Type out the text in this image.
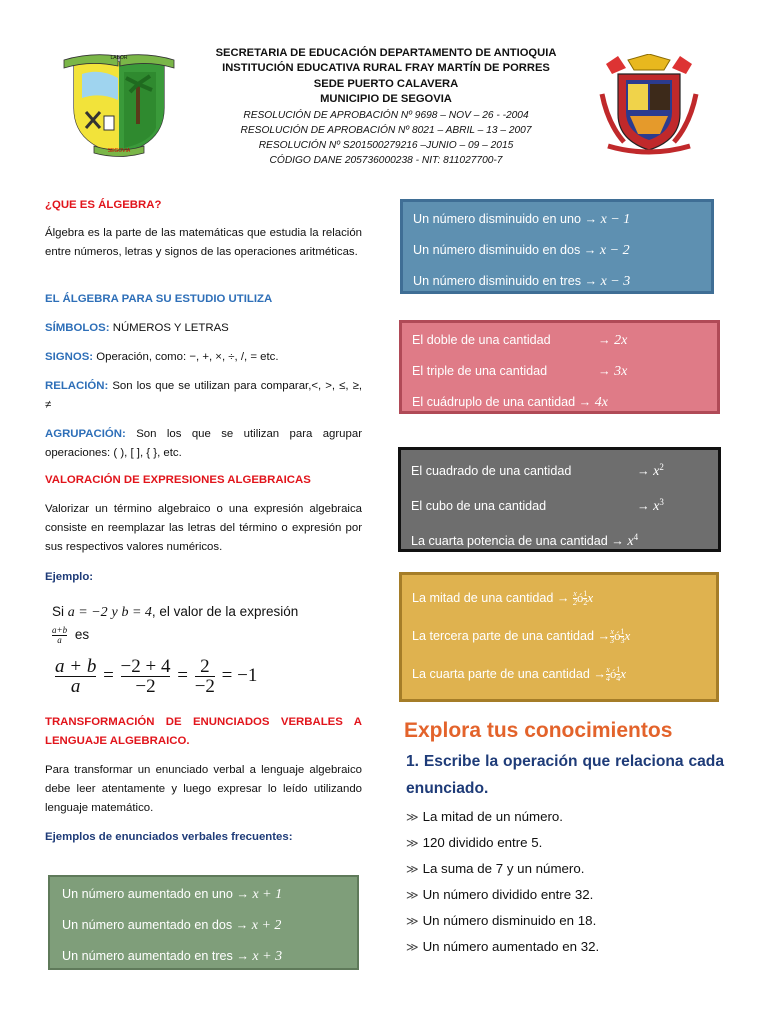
SECRETARIA DE EDUCACIÓN DEPARTAMENTO DE ANTIOQUIA
INSTITUCIÓN EDUCATIVA RURAL FRAY MARTÍN DE PORRES
SEDE PUERTO CALAVERA
MUNICIPIO DE SEGOVIA
RESOLUCIÓN DE APROBACIÓN Nº 9698 – NOV – 26 - -2004
RESOLUCIÓN DE APROBACIÓN Nº 8021 – ABRIL – 13 – 2007
RESOLUCIÓN Nº S201500279216 –JUNIO – 09 – 2015
CÓDIGO DANE 205736000238 - NIT: 811027700-7
LABOR
SEGOVIA

¿QUE ES ÁLGEBRA?

Álgebra es la parte de las matemáticas que estudia la relación entre números, letras y signos de las operaciones aritméticas.

EL ÁLGEBRA PARA SU ESTUDIO UTILIZA

SÍMBOLOS: NÚMEROS Y LETRAS

SIGNOS: Operación, como: −, +, ×, ÷, /, = etc.

RELACIÓN: Son los que se utilizan para comparar,<, >, ≤, ≥, ≠

AGRUPACIÓN: Son los que se utilizan para agrupar operaciones: ( ), [ ], { }, etc.

VALORACIÓN DE EXPRESIONES ALGEBRAICAS

Valorizar un término algebraico o una expresión algebraica consiste en reemplazar las letras del término o expresión por sus respectivos valores numéricos.

Ejemplo:

Si a = −2 y b = 4, el valor de la expresión
$\frac{a+b}{a}$ es
$\frac{a + b}{a} = \frac{-2 + 4}{-2} = \frac{2}{-2} = -1$

TRANSFORMACIÓN DE ENUNCIADOS VERBALES A LENGUAJE ALGEBRAICO.

Para transformar un enunciado verbal a lenguaje algebraico debe leer atentamente y luego expresar lo leído utilizando lenguaje matemático.

Ejemplos de enunciados verbales frecuentes:

Un número aumentado en uno → x + 1
Un número aumentado en dos → x + 2
Un número aumentado en tres → x + 3
Un número disminuido en uno → x − 1
Un número disminuido en dos → x − 2
Un número disminuido en tres → x − 3
El doble de una cantidad	→ 2x
El triple de una cantidad	→ 3x
El cuádruplo de una cantidad → 4x
El cuadrado de una cantidad	→ $x^2$
El cubo de una cantidad	→ $x^3$
La cuarta potencia de una cantidad → $x^4$
La mitad de una cantidad → $\frac{x}{2}$ ó $\frac{1}{2}$ x
La tercera parte de una cantidad → $\frac{x}{3}$ ó $\frac{1}{3}$ x
La cuarta parte de una cantidad → $\frac{x}{4}$ ó $\frac{1}{4}$ x
Explora tus conocimientos
1. Escribe la operación que relaciona cada enunciado.
≫ La mitad de un número.
≫ 120 dividido entre 5.
≫ La suma de 7 y un número.
≫ Un número dividido entre 32.
≫ Un número disminuido en 18.
≫ Un número aumentado en 32.
